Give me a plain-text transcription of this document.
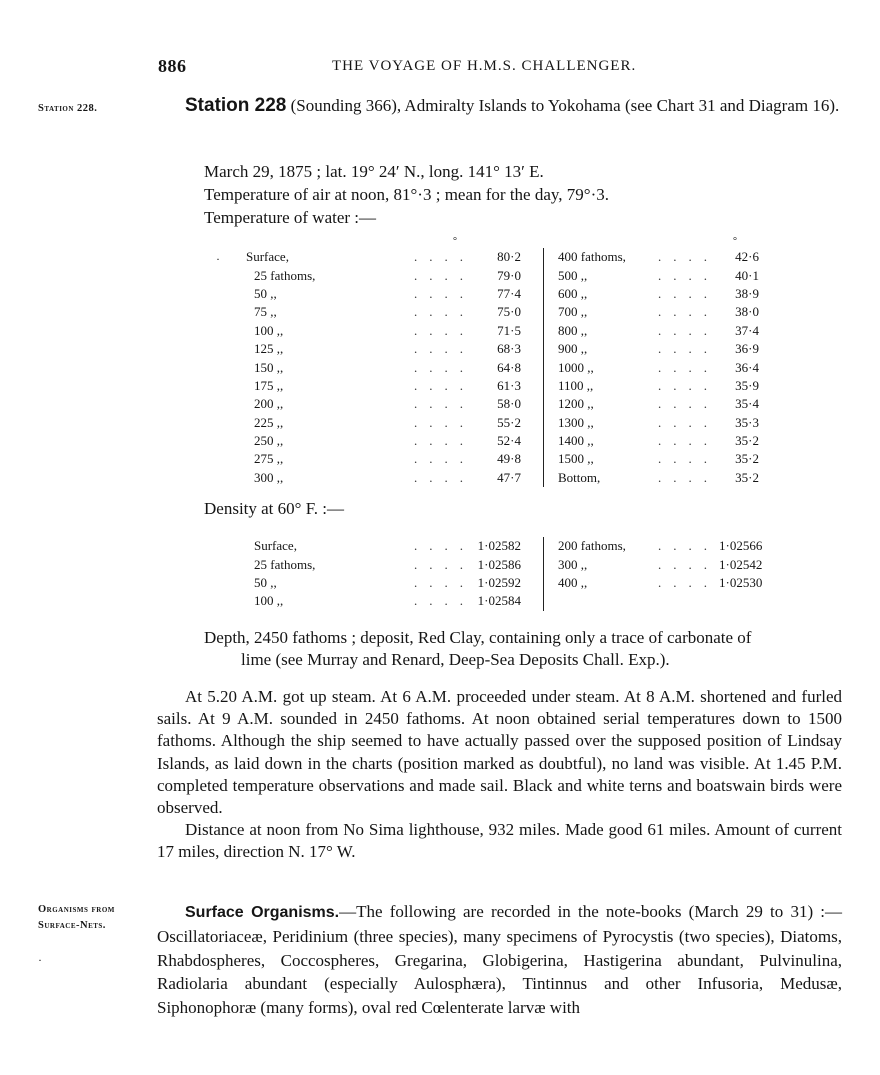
886	THE VOYAGE OF H.M.S. CHALLENGER.
Station 228.
Organisms from
Surface-Nets.

Station 228 (Sounding 366), Admiralty Islands to Yokohama (see Chart 31 and Diagram 16).

March 29, 1875 ; lat. 19° 24′ N., long. 141° 13′ E.
Temperature of air at noon, 81°·3 ; mean for the day, 79°·3.
Temperature of water :—
·
·
°	°
Surface,	....	80·2	400 fathoms,	....	42·6
25 fathoms,	....	79·0	500 ,,	....	40·1
50 ,,	....	77·4	600 ,,	....	38·9
75 ,,	....	75·0	700 ,,	....	38·0
100 ,,	....	71·5	800 ,,	....	37·4
125 ,,	....	68·3	900 ,,	....	36·9
150 ,,	....	64·8	1000 ,,	....	36·4
175 ,,	....	61·3	1100 ,,	....	35·9
200 ,,	....	58·0	1200 ,,	....	35·4
225 ,,	....	55·2	1300 ,,	....	35·3
250 ,,	....	52·4	1400 ,,	....	35·2
275 ,,	....	49·8	1500 ,,	....	35·2
300 ,,	....	47·7	Bottom,	....	35·2
Density at 60° F. :—
Surface,	....	1·02582	200 fathoms,	....	1·02566
25 fathoms,	....	1·02586	300 ,,	....	1·02542
50 ,,	....	1·02592	400 ,,	....	1·02530
100 ,,	....	1·02584			
Depth, 2450 fathoms ; deposit, Red Clay, containing only a trace of carbonate of
lime (see Murray and Renard, Deep-Sea Deposits Chall. Exp.).

At 5.20 A.M. got up steam. At 6 A.M. proceeded under steam. At 8 A.M. shortened and furled sails. At 9 A.M. sounded in 2450 fathoms. At noon obtained serial temperatures down to 1500 fathoms. Although the ship seemed to have actually passed over the supposed position of Lindsay Islands, as laid down in the charts (position marked as doubtful), no land was visible. At 1.45 P.M. completed temperature observations and made sail. Black and white terns and boatswain birds were observed.

Distance at noon from No Sima lighthouse, 932 miles. Made good 61 miles. Amount of current 17 miles, direction N. 17° W.

Surface Organisms.—The following are recorded in the note-books (March 29 to 31) :—Oscillatoriaceæ, Peridinium (three species), many specimens of Pyrocystis (two species), Diatoms, Rhabdospheres, Coccospheres, Gregarina, Globigerina, Hastigerina abundant, Pulvinulina, Radiolaria abundant (especially Aulosphæra), Tintinnus and other Infusoria, Medusæ, Siphonophoræ (many forms), oval red Cœlenterate larvæ with
